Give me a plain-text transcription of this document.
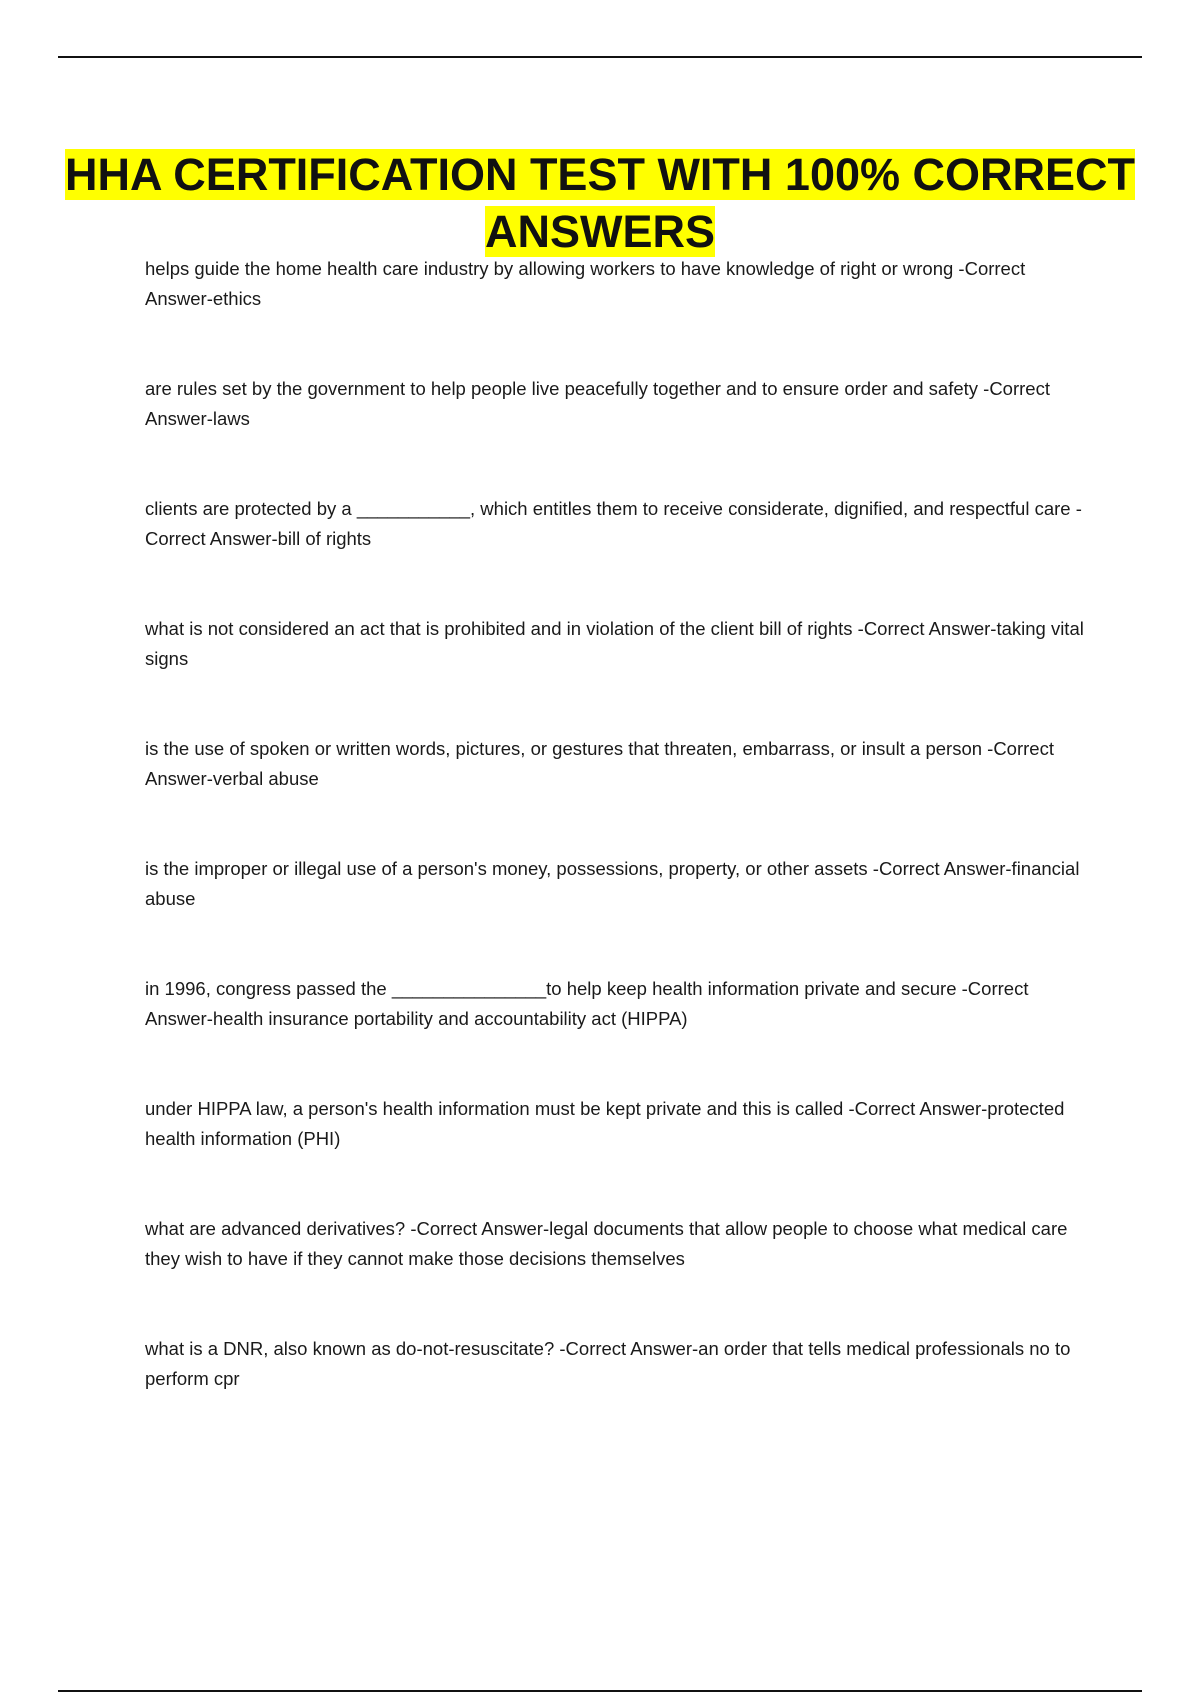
HHA CERTIFICATION TEST WITH 100% CORRECT ANSWERS
helps guide the home health care industry by allowing workers to have knowledge of right or wrong -Correct Answer-ethics
are rules set by the government to help people live peacefully together and to ensure order and safety -Correct Answer-laws
clients are protected by a ___________, which entitles them to receive considerate, dignified, and respectful care -Correct Answer-bill of rights
what is not considered an act that is prohibited and in violation of the client bill of rights -Correct Answer-taking vital signs
is the use of spoken or written words, pictures, or gestures that threaten, embarrass, or insult a person -Correct Answer-verbal abuse
is the improper or illegal use of a person's money, possessions, property, or other assets -Correct Answer-financial abuse
in 1996, congress passed the _______________to help keep health information private and secure -Correct Answer-health insurance portability and accountability act (HIPPA)
under HIPPA law, a person's health information must be kept private and this is called -Correct Answer-protected health information (PHI)
what are advanced derivatives? -Correct Answer-legal documents that allow people to choose what medical care they wish to have if they cannot make those decisions themselves
what is a DNR, also known as do-not-resuscitate? -Correct Answer-an order that tells medical professionals no to perform cpr
